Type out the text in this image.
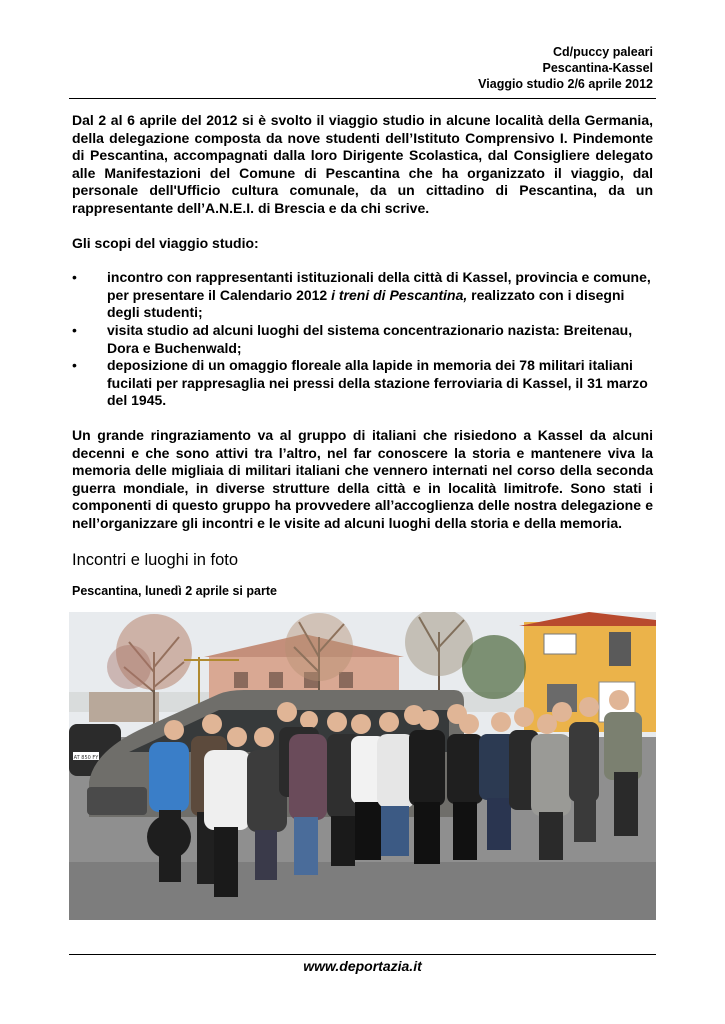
Cd/puccy paleari
Pescantina-Kassel
Viaggio studio 2/6 aprile 2012

Dal 2 al 6 aprile del 2012 si è svolto il viaggio studio in alcune località della Germania, della delegazione composta da nove studenti dell’Istituto Comprensivo I. Pindemonte di Pescantina, accompagnati dalla loro Dirigente Scolastica, dal Consigliere delegato alle Manifestazioni del Comune di Pescantina che ha organizzato il viaggio, dal personale dell'Ufficio cultura comunale, da un cittadino di Pescantina, da un rappresentante dell’A.N.E.I. di Brescia e da chi scrive.

Gli scopi del viaggio studio:

• incontro con rappresentanti istituzionali della città di Kassel, provincia e comune, per presentare il Calendario 2012 i treni di Pescantina, realizzato con i disegni degli studenti;
• visita studio ad alcuni luoghi del sistema concentrazionario nazista: Breitenau, Dora e Buchenwald;
• deposizione di un omaggio floreale alla lapide in memoria dei 78 militari italiani fucilati per rappresaglia nei pressi della stazione ferroviaria di Kassel, il 31 marzo del 1945.

Un grande ringraziamento va al gruppo di italiani che risiedono a Kassel da alcuni decenni e che sono attivi tra l’altro, nel far conoscere la storia e mantenere viva la memoria delle migliaia di militari italiani che vennero internati nel corso della seconda guerra mondiale, in diverse strutture della città e in località limitrofe. Sono stati i componenti di questo gruppo ha provvedere all’accoglienza delle nostra delegazione e nell’organizzare gli incontri e le visite ad alcuni luoghi della storia e della memoria.

Incontri e luoghi in foto

Pescantina, lunedì 2 aprile si parte

AT 850 FY
www.deportazia.it
